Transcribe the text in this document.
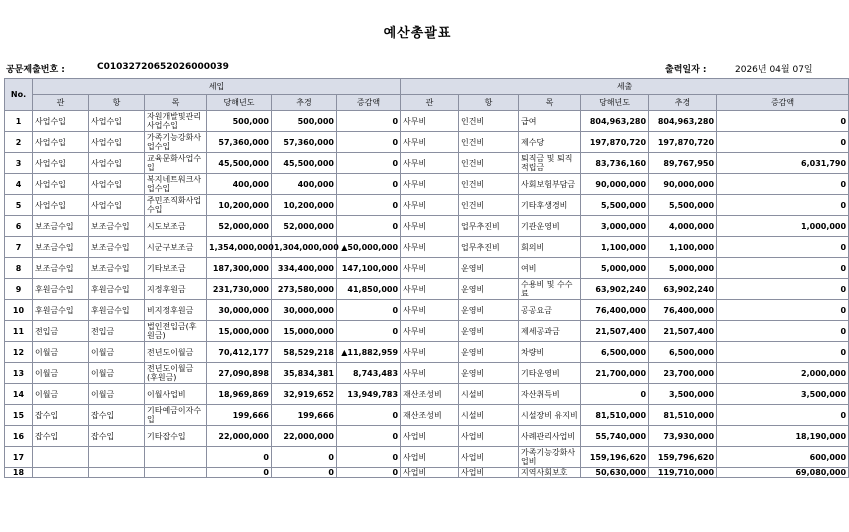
예산총괄표
공문제출번호 :	C0103272065202600003​9	출력일자 :	2026년 04월 07일
No.	세입						세출					
	관	항	목	당해년도	추경	증감액	관	항	목	당해년도	추경	증감액
1	사업수입	사업수입	자원개발및관리사업수입	500,000	500,000	0	사무비	인건비	급여	804,963,280	804,963,280	0
2	사업수입	사업수입	가족기능강화사업수입	57,360,000	57,360,000	0	사무비	인건비	제수당	197,870,720	197,870,720	0
3	사업수입	사업수입	교육문화사업수입	45,500,000	45,500,000	0	사무비	인건비	퇴직금 및 퇴직적립금	83,736,160	89,767,950	6,031,790
4	사업수입	사업수입	복지네트워크사업수입	400,000	400,000	0	사무비	인건비	사회보험부담금	90,000,000	90,000,000	0
5	사업수입	사업수입	주민조직화사업수입	10,200,000	10,200,000	0	사무비	인건비	기타후생경비	5,500,000	5,500,000	0
6	보조금수입	보조금수입	시도보조금	52,000,000	52,000,000	0	사무비	업무추진비	기관운영비	3,000,000	4,000,000	1,000,000
7	보조금수입	보조금수입	시군구보조금	1,354,000,000	1,304,000,000	▲50,000,000	사무비	업무추진비	회의비	1,100,000	1,100,000	0
8	보조금수입	보조금수입	기타보조금	187,300,000	334,400,000	147,100,000	사무비	운영비	여비	5,000,000	5,000,000	0
9	후원금수입	후원금수입	지정후원금	231,730,000	273,580,000	41,850,000	사무비	운영비	수용비 및 수수료	63,902,240	63,902,240	0
10	후원금수입	후원금수입	비지정후원금	30,000,000	30,000,000	0	사무비	운영비	공공요금	76,400,000	76,400,000	0
11	전입금	전입금	법인전입금(후원금)	15,000,000	15,000,000	0	사무비	운영비	제세공과금	21,507,400	21,507,400	0
12	이월금	이월금	전년도이월금	70,412,177	58,529,218	▲11,882,959	사무비	운영비	차량비	6,500,000	6,500,000	0
13	이월금	이월금	전년도이월금(후원금)	27,090,898	35,834,381	8,743,483	사무비	운영비	기타운영비	21,700,000	23,700,000	2,000,000
14	이월금	이월금	이월사업비	18,969,869	32,919,652	13,949,783	재산조성비	시설비	자산취득비	0	3,500,000	3,500,000
15	잡수입	잡수입	기타예금이자수입	199,666	199,666	0	재산조성비	시설비	시설장비 유지비	81,510,000	81,510,000	0
16	잡수입	잡수입	기타잡수입	22,000,000	22,000,000	0	사업비	사업비	사례관리사업비	55,740,000	73,930,000	18,190,000
17				0	0	0	사업비	사업비	가족기능강화사업비	159,196,620	159,796,620	600,000
18				0	0	0	사업비	사업비	지역사회보호	50,630,000	119,710,000	69,080,000
